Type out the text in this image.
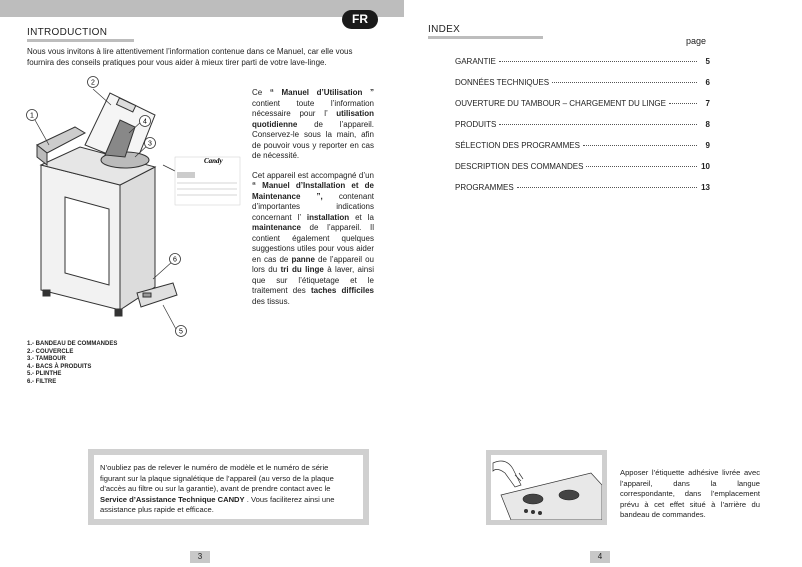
FR
INTRODUCTION
Nous vous invitons à lire attentivement l’information contenue dans ce Manuel, car elle vous fournira des conseils pratiques pour vous aider à mieux tirer parti de votre lave-linge.
1
2
3
4
5
6
Candy

Ce “ Manuel d’Utilisation ” contient toute l’information nécessaire pour l’ utilisation quotidienne de l’appareil. Conservez-le sous la main, afin de pouvoir vous y reporter en cas de nécessité.

Cet appareil est accompagné d’un “ Manuel d’Installation et de Maintenance ”, contenant d’importantes indications concernant l’ installation et la maintenance de l’appareil. Il contient également quelques suggestions utiles pour vous aider en cas de panne de l’appareil ou lors du tri du linge à laver, ainsi que sur l’étiquetage et le traitement des taches difficiles des tissus.

1.- BANDEAU DE COMMANDES
2.- COUVERCLE
3.- TAMBOUR
4.- BACS À PRODUITS
5.- PLINTHE
6.- FILTRE
N’oubliez pas de relever le numéro de modèle et le numéro de série figurant sur la plaque signalétique de l’appareil (au verso de la plaque d’accès au filtre ou sur la garantie), avant de prendre contact avec le Service d’Assistance Technique CANDY . Vous faciliterez ainsi une assistance plus rapide et efficace.
3
INDEX
page
GARANTIE	5
DONNÉES TECHNIQUES	6
OUVERTURE DU TAMBOUR – CHARGEMENT DU LINGE	7
PRODUITS	8
SÉLECTION DES PROGRAMMES	9
DESCRIPTION DES COMMANDES	10
PROGRAMMES	13
Apposer l’étiquette adhésive livrée avec l’appareil, dans la langue correspondante, dans l’emplacement prévu à cet effet situé à l’arrière du bandeau de commandes.
4
